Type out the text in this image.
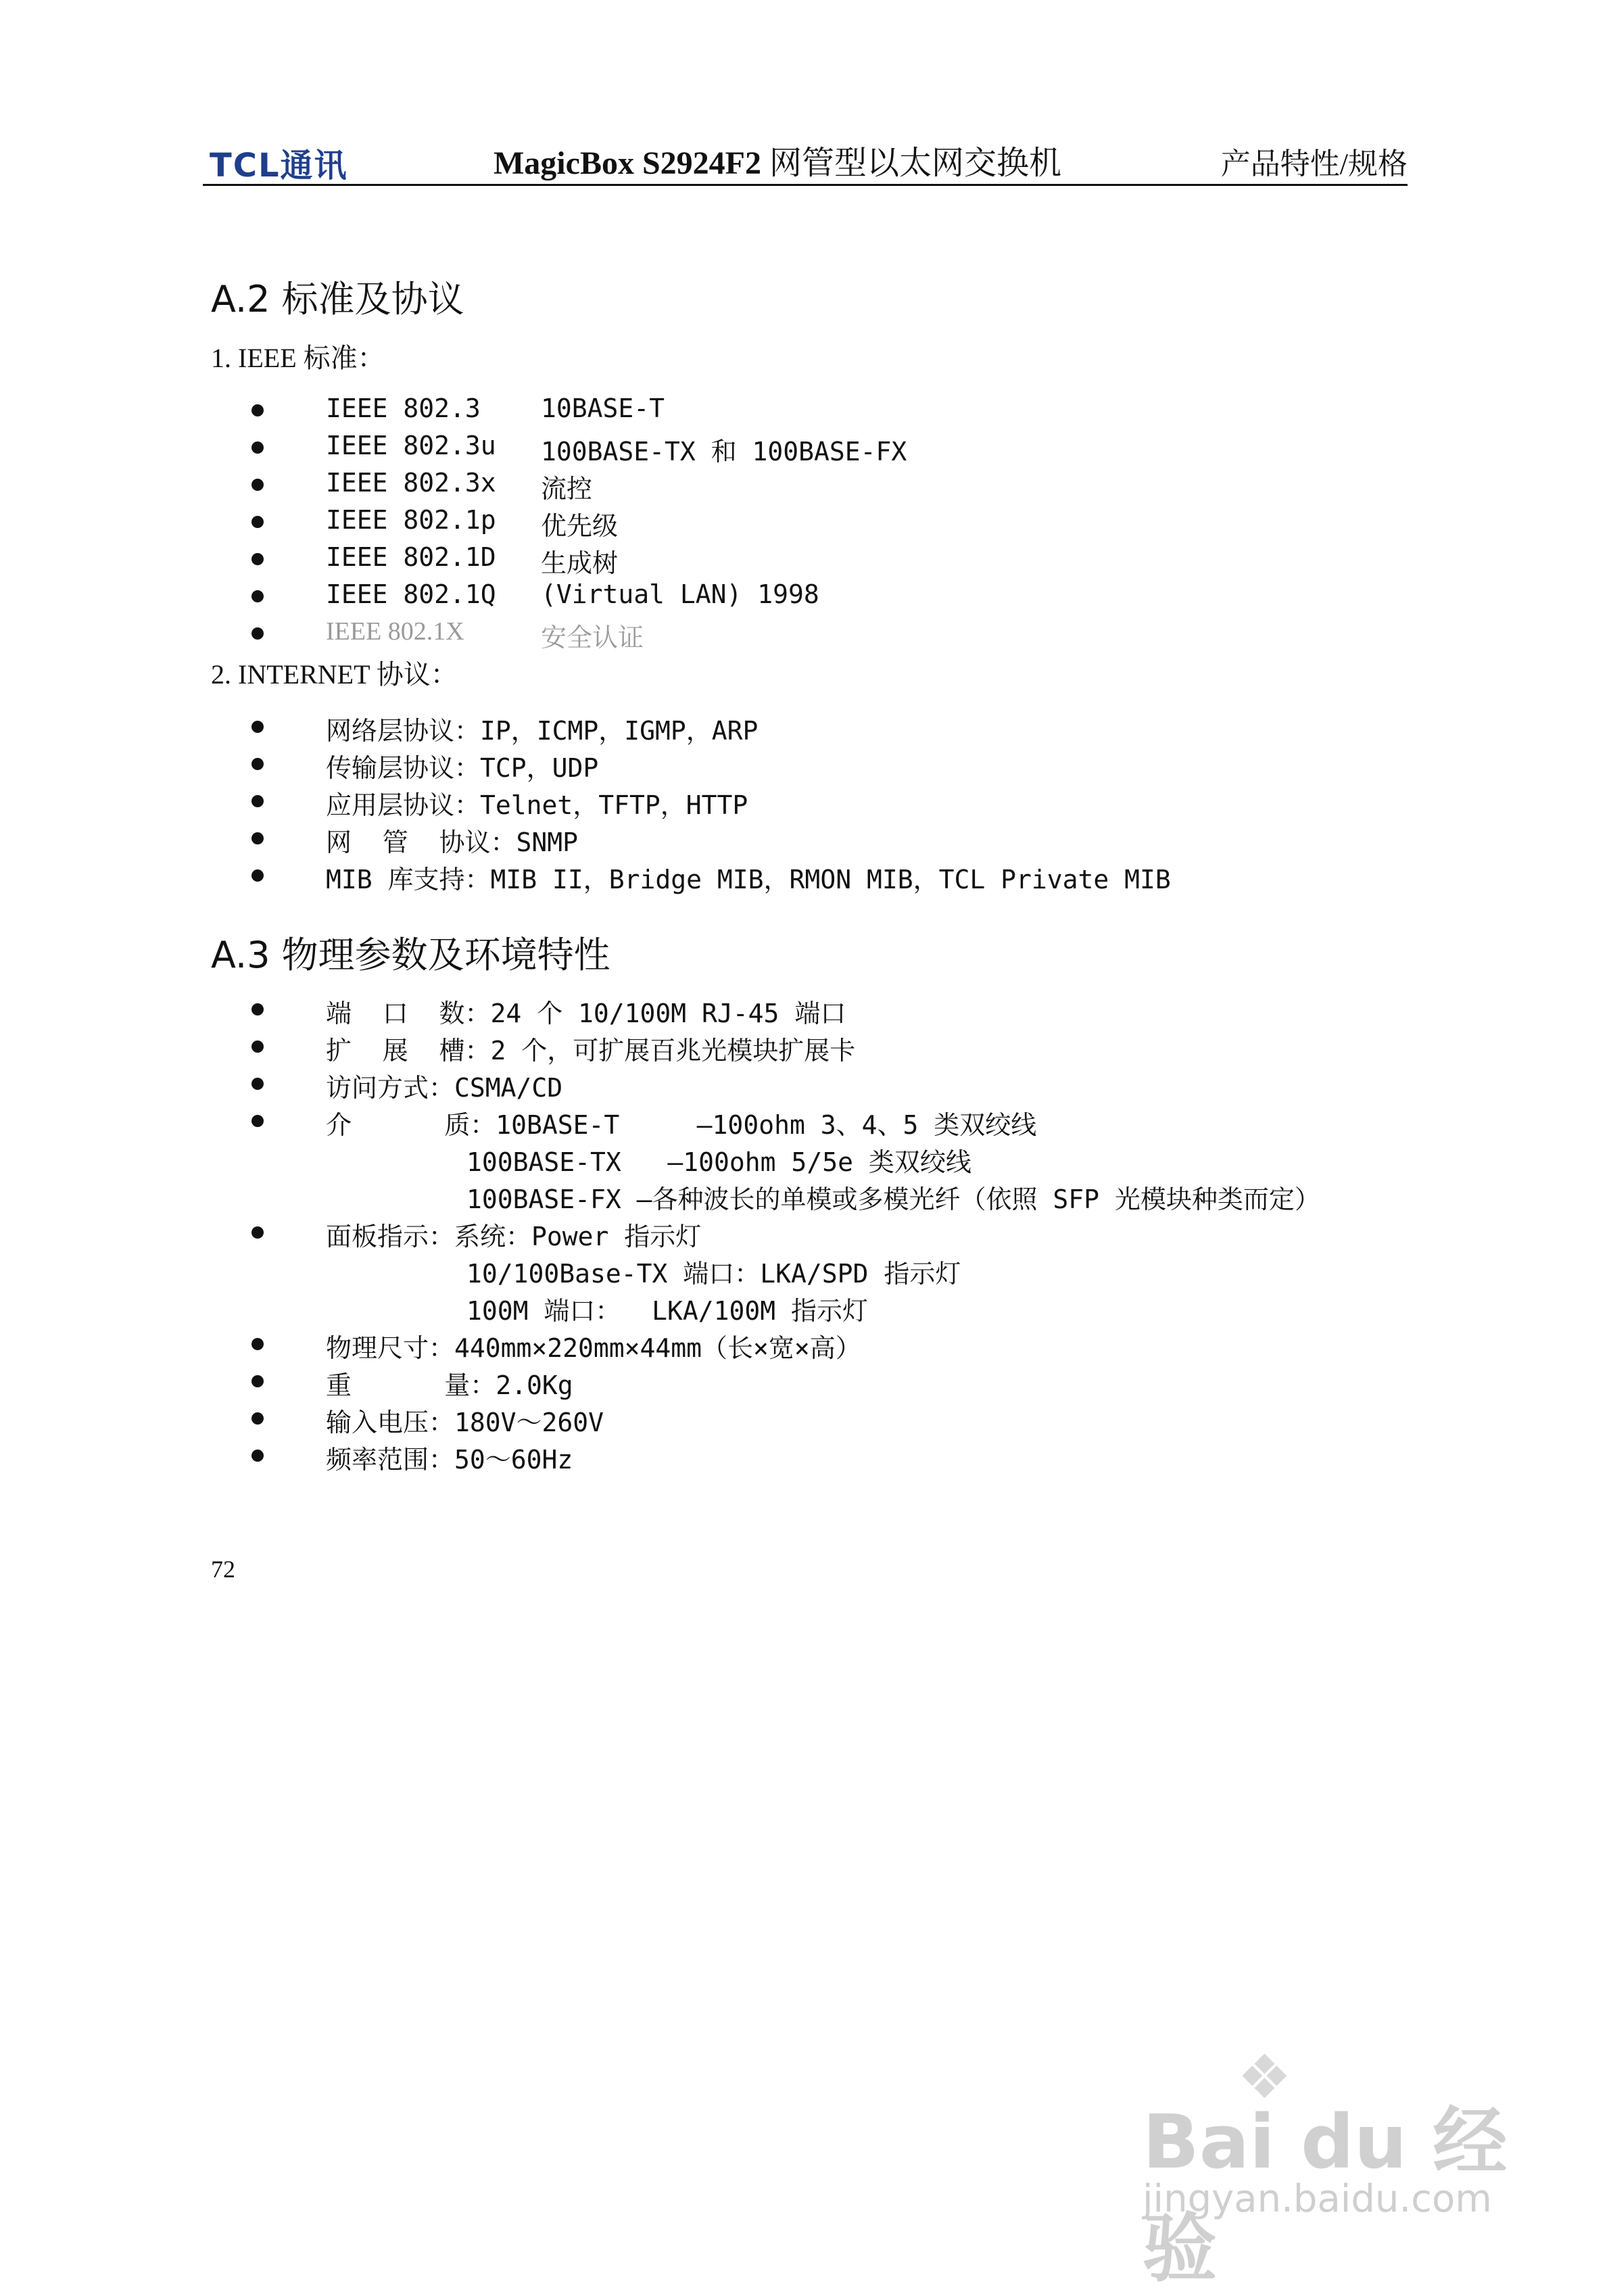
TCL通讯	MagicBox S2924F2 网管型以太网交换机	产品特性/规格
A.2 标准及协议
1. IEEE 标准：
IEEE 802.3 10BASE-T
IEEE 802.3u 100BASE-TX 和 100BASE-FX
IEEE 802.3x 流控
IEEE 802.1p 优先级
IEEE 802.1D 生成树
IEEE 802.1Q (Virtual LAN) 1998
IEEE 802.1X	安全认证
2. INTERNET 协议：
网络层协议：IP，ICMP，IGMP，ARP
传输层协议：TCP，UDP
应用层协议：Telnet，TFTP，HTTP
网  管  协议：SNMP
MIB 库支持：MIB II，Bridge MIB，RMON MIB，TCL Private MIB
A.3 物理参数及环境特性
端  口  数：24 个 10/100M RJ-45 端口
扩  展  槽：2 个，可扩展百兆光模块扩展卡
访问方式：CSMA/CD
介      质：10BASE-T     –100ohm 3、4、5 类双绞线
100BASE-TX   –100ohm 5/5e 类双绞线
100BASE-FX –各种波长的单模或多模光纤（依照 SFP 光模块种类而定）
面板指示：系统：Power 指示灯
10/100Base-TX 端口：LKA/SPD 指示灯
100M 端口：  LKA/100M 指示灯
物理尺寸：440mm×220mm×44mm（长×宽×高）
重      量：2.0Kg
输入电压：180V～260V
频率范围：50～60Hz
72
❖
Bai du 经验
jingyan.baidu.com
